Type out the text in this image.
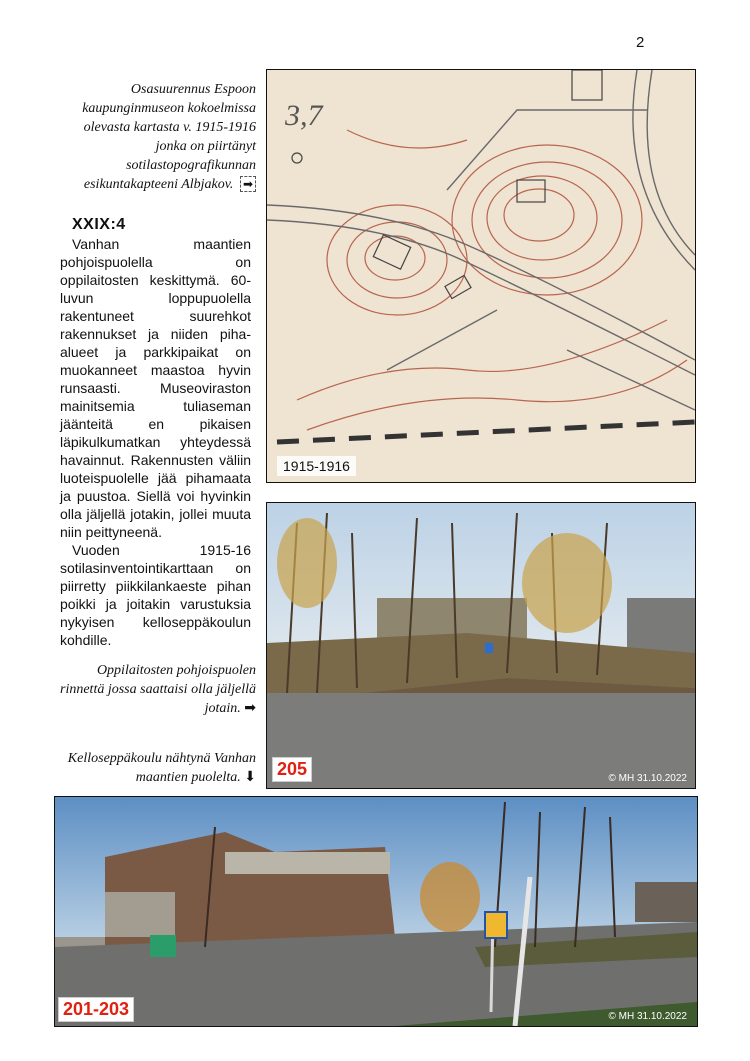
2
Osasuurennus Espoon kaupunginmuseon kokoelmissa olevasta kartasta v. 1915-1916 jonka on piirtänyt sotilastopografikunnan esikuntakapteeni Albjakov. ➡
XXIX:4

Vanhan maantien pohjoispuolella on oppilaitosten keskittymä. 60-luvun loppupuolella rakentuneet suurehkot rakennukset ja niiden piha-alueet ja parkkipaikat on muokanneet maastoa hyvin runsaasti. Museoviraston mainitsemia tuliaseman jäänteitä en pikaisen läpikulkumatkan yhteydessä havainnut. Rakennusten väliin luoteispuolelle jää pihamaata ja puustoa. Siellä voi hyvinkin olla jäljellä jotakin, jollei muuta niin peittyneenä.

Vuoden 1915-16 sotilasinventointikarttaan on piirretty piikkilankaeste pihan poikki ja joitakin varustuksia nykyisen kelloseppäkoulun kohdille.

3,7
1915-1916
205	© MH 31.10.2022
Oppilaitosten pohjoispuolen rinnettä jossa saattaisi olla jäljellä jotain. ➡
Kelloseppäkoulu nähtynä Vanhan maantien puolelta. ⬇
201-203	© MH 31.10.2022
